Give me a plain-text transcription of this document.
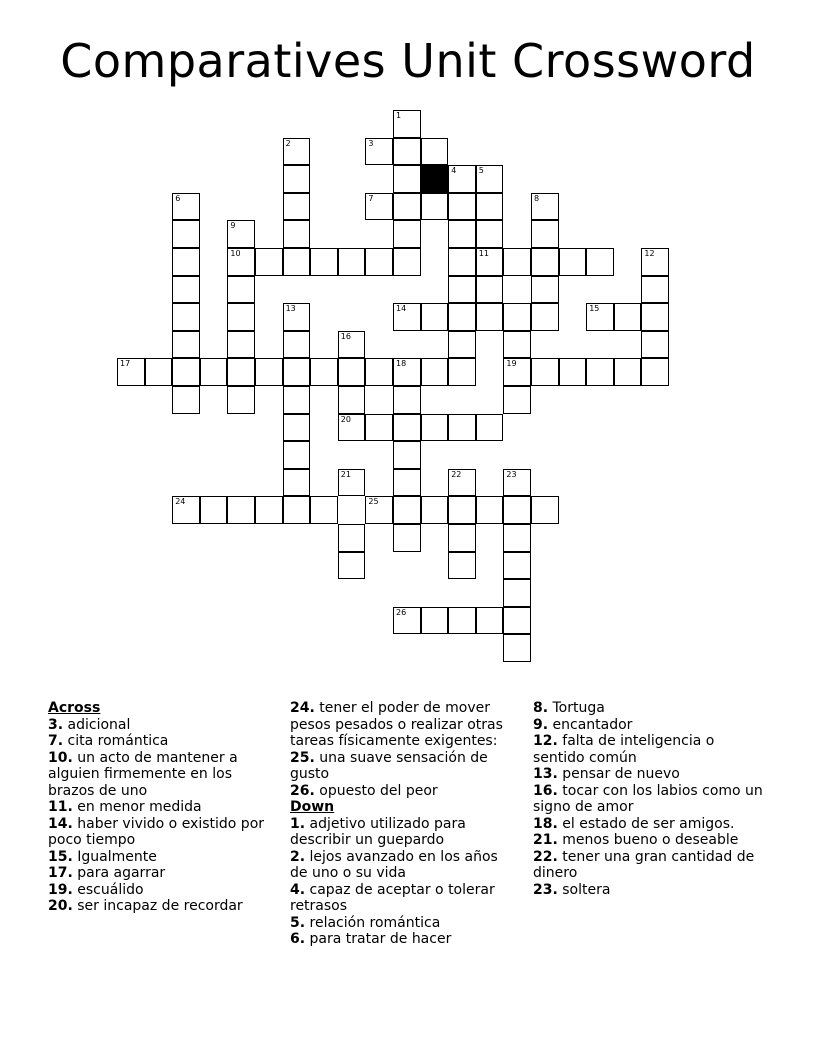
Comparatives Unit Crossword
1
2	3
4	5
6	7	8
9
10	11	12
13	14	15
16
17	18	19
20
21	22	23
24	25
26
Across
3. adicional
7. cita romántica
10. un acto de mantener a alguien firmemente en los brazos de uno
11. en menor medida
14. haber vivido o existido por poco tiempo
15. Igualmente
17. para agarrar
19. escuálido
20. ser incapaz de recordar
24. tener el poder de mover pesos pesados o realizar otras tareas físicamente exigentes:
25. una suave sensación de gusto
26. opuesto del peor
Down
1. adjetivo utilizado para describir un guepardo
2. lejos avanzado en los años de uno o su vida
4. capaz de aceptar o tolerar retrasos
5. relación romántica
6. para tratar de hacer
8. Tortuga
9. encantador
12. falta de inteligencia o sentido común
13. pensar de nuevo
16. tocar con los labios como un signo de amor
18. el estado de ser amigos.
21. menos bueno o deseable
22. tener una gran cantidad de dinero
23. soltera
